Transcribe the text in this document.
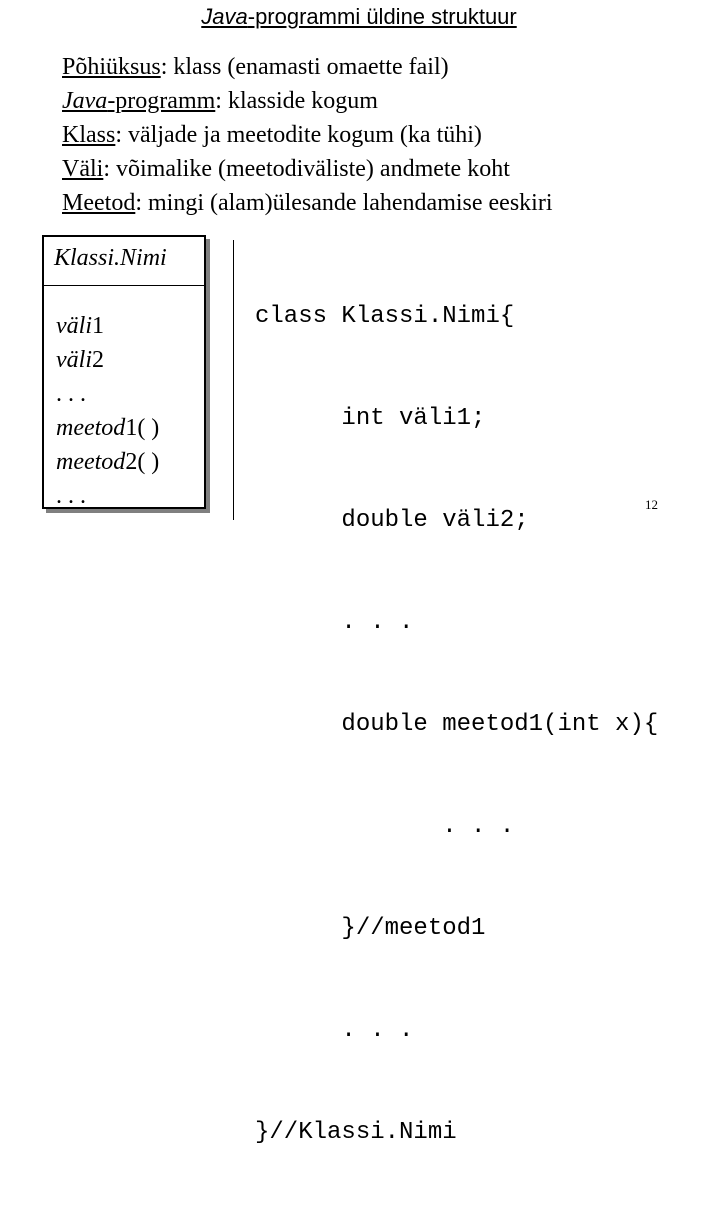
Java-programmi üldine struktuur
Põhiüksus: klass (enamasti omaette fail)
Java-programm: klasside kogum
Klass: väljade ja meetodite kogum (ka tühi)
Väli: võimalike (meetodiväliste) andmete koht
Meetod: mingi (alam)ülesande lahendamise eeskiri
Klassi.Nimi
väli1
väli2
. . .
meetod1( )
meetod2( )
. . .

class Klassi.Nimi{

int väli1;

double väli2;

. . .

double meetod1(int x){

. . .

}//meetod1

. . .

}//Klassi.Nimi

12
